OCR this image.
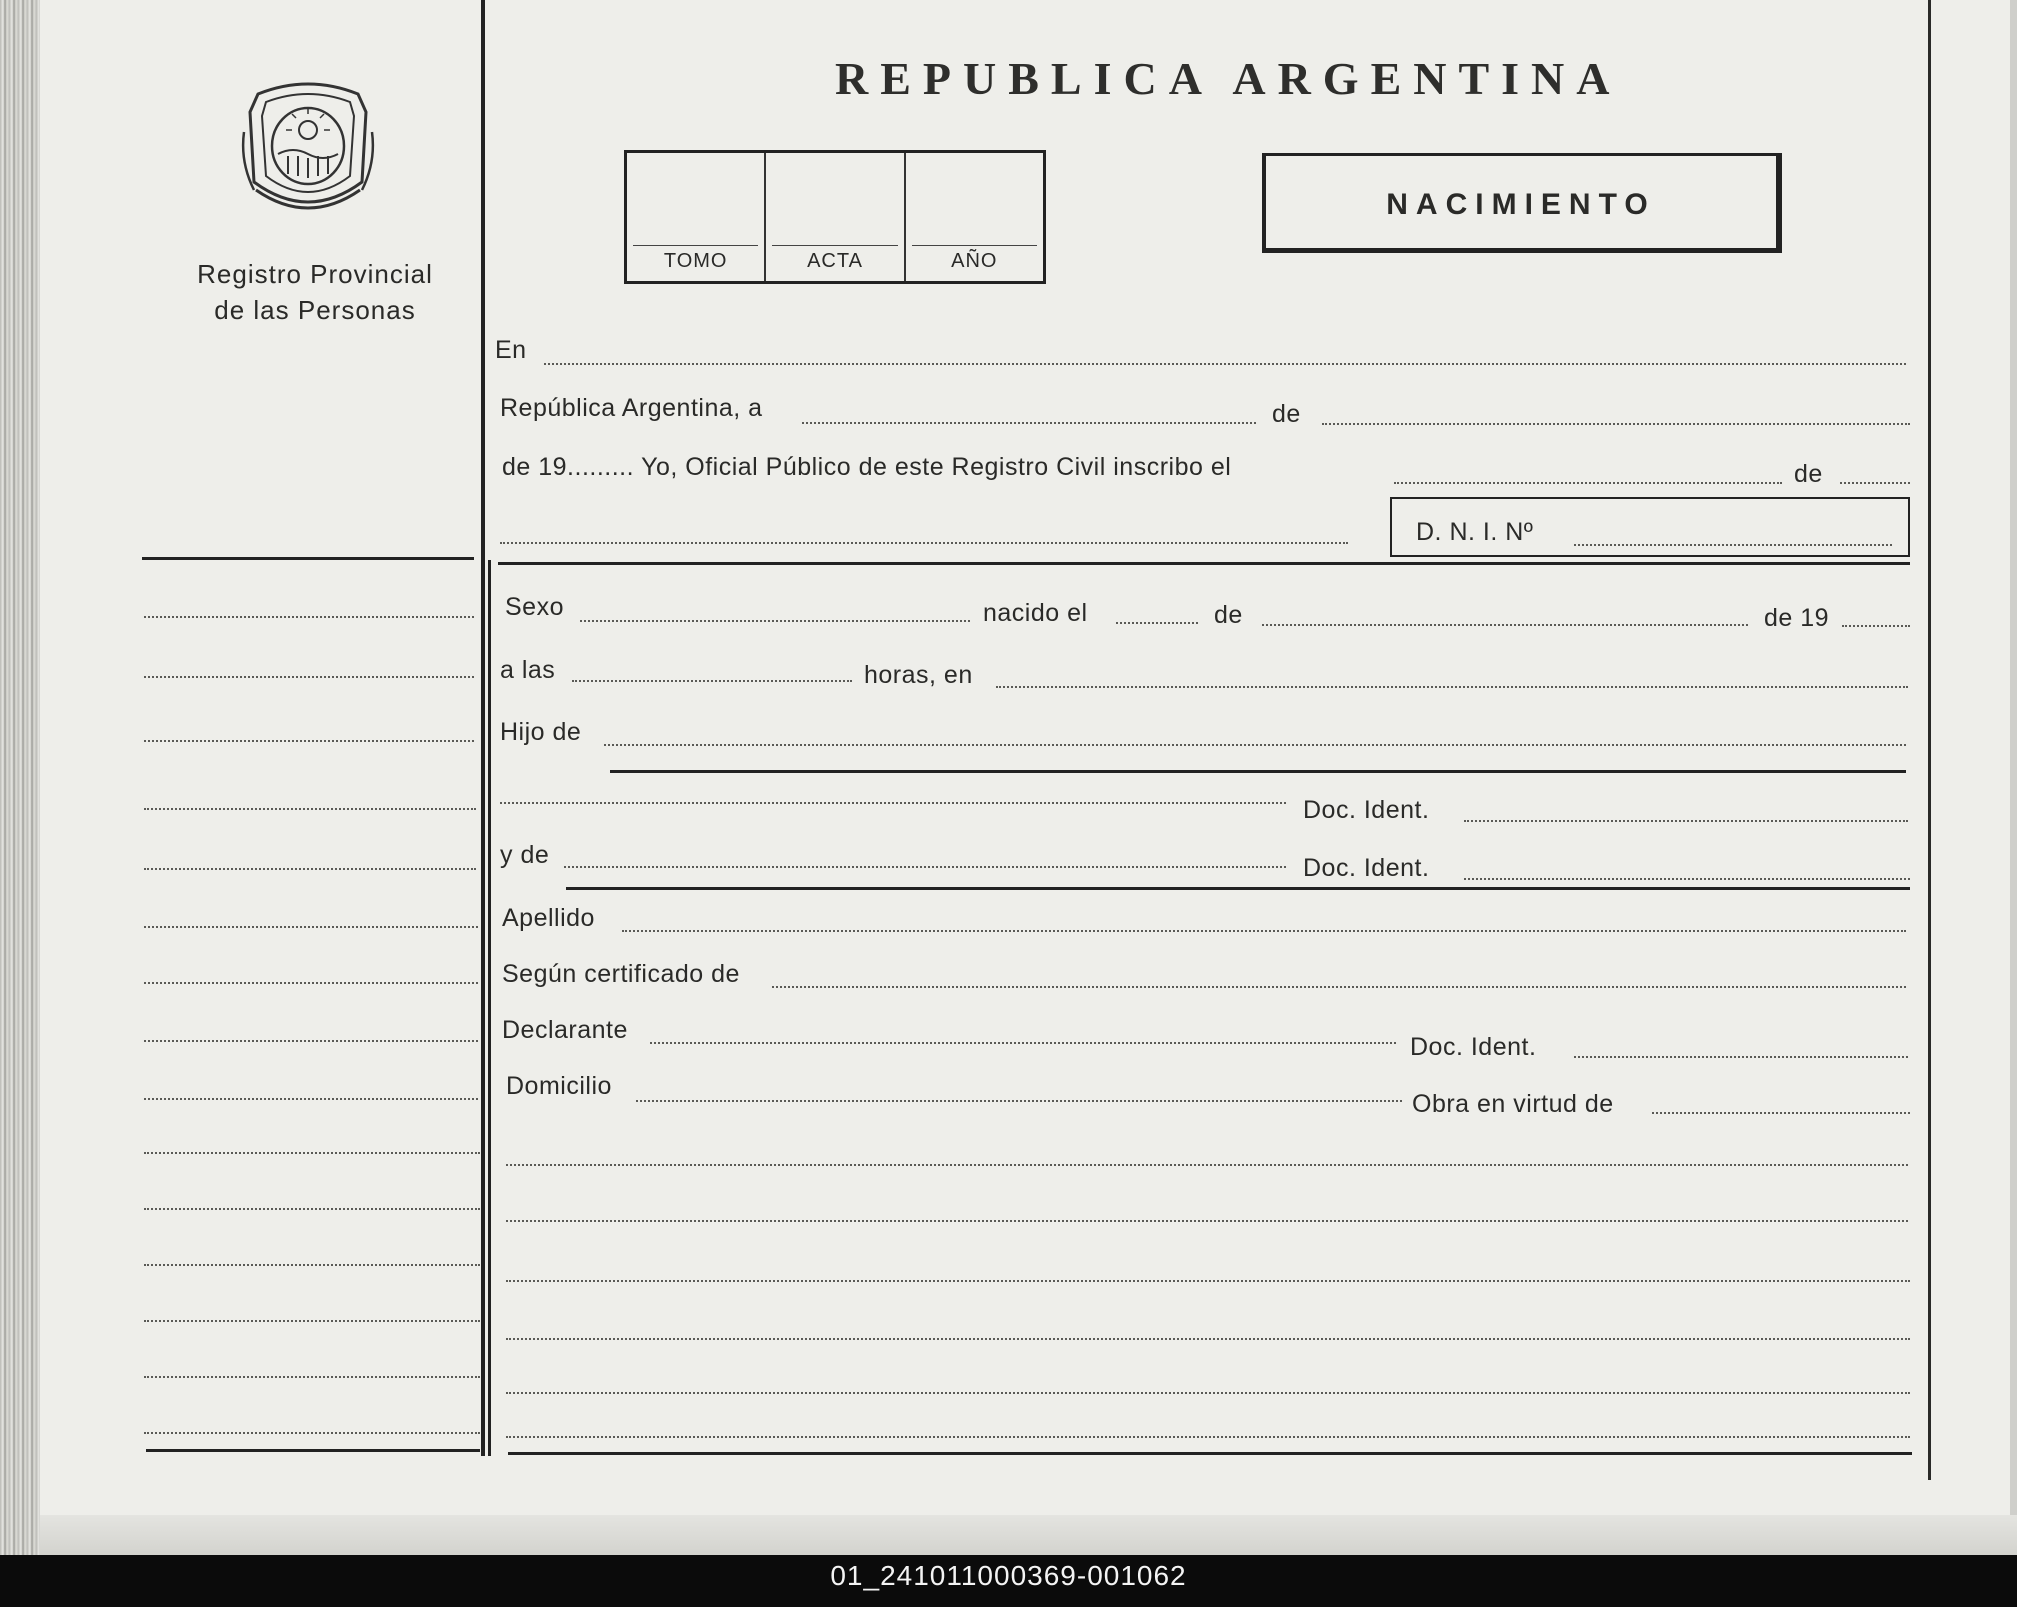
REPUBLICA ARGENTINA
Registro Provincial
de las Personas
TOMO	ACTA	AÑO
NACIMIENTO
En
República Argentina, a	de
de 19......... Yo, Oficial Público de este Registro Civil inscribo el	de
D. N. I. Nº
Sexo	nacido el	de	de 19
a las	horas, en
Hijo de
Doc. Ident.
y de	Doc. Ident.
Apellido
Según certificado de
Declarante
Doc. Ident.
Domicilio
Obra en virtud de
01_241011000369-001062
